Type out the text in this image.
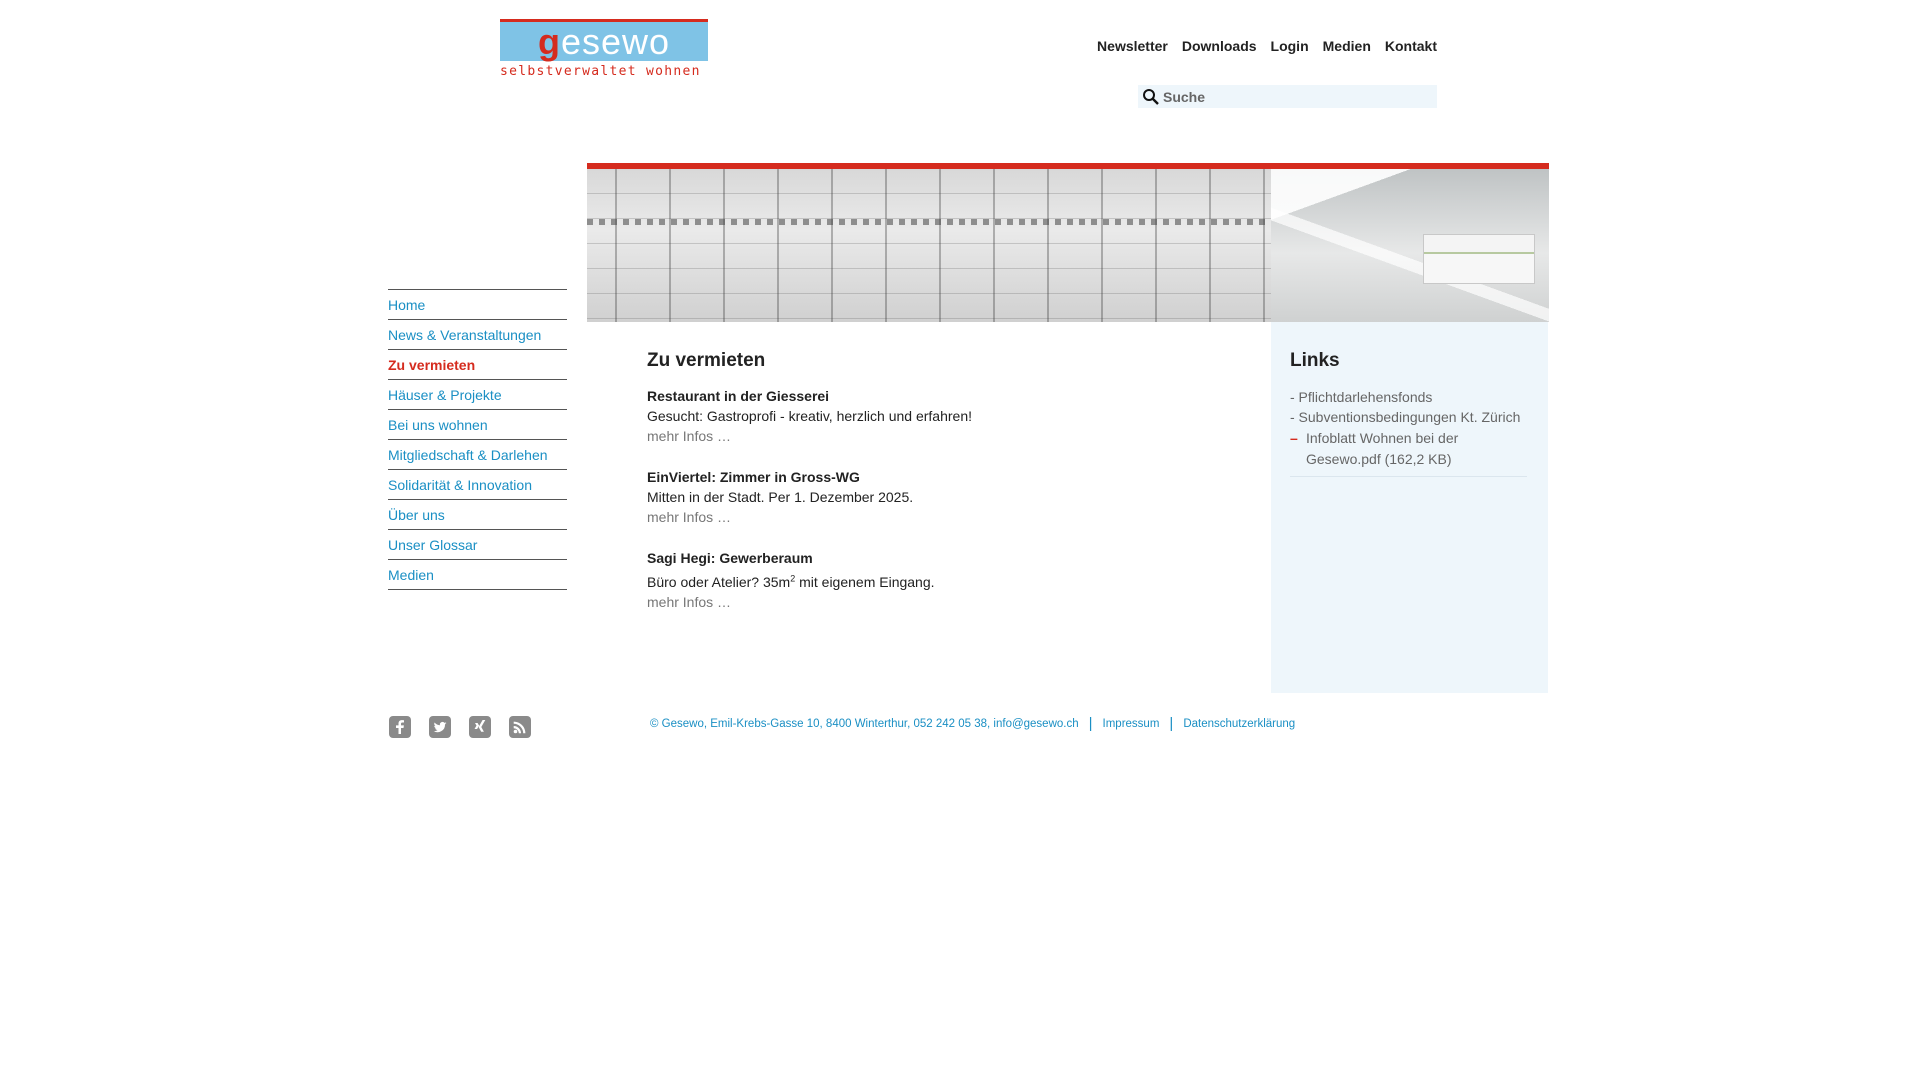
g esewo
selbstverwaltet wohnen
Newsletter Downloads Login Medien Kontakt
Suche
Home
News & Veranstaltungen
Zu vermieten
Häuser & Projekte
Bei uns wohnen
Mitgliedschaft & Darlehen
Solidarität & Innovation
Über uns
Unser Glossar
Medien
Zu vermieten
Restaurant in der Giesserei
Gesucht: Gastroprofi - kreativ, herzlich und erfahren!
mehr Infos …
EinViertel: Zimmer in Gross-WG
Mitten in der Stadt. Per 1. Dezember 2025.
mehr Infos …
Sagi Hegi: Gewerberaum
Büro oder Atelier? $35m^2$ mit eigenem Eingang.
mehr Infos …
Links
- Pflichtdarlehensfonds
- Subventionsbedingungen Kt. Zürich
– Infoblatt Wohnen bei der Gesewo.pdf (162,2 KB)
© Gesewo, Emil-Krebs-Gasse 10, 8400 Winterthur, 052 242 05 38, info@gesewo.ch | Impressum | Datenschutzerklärung
